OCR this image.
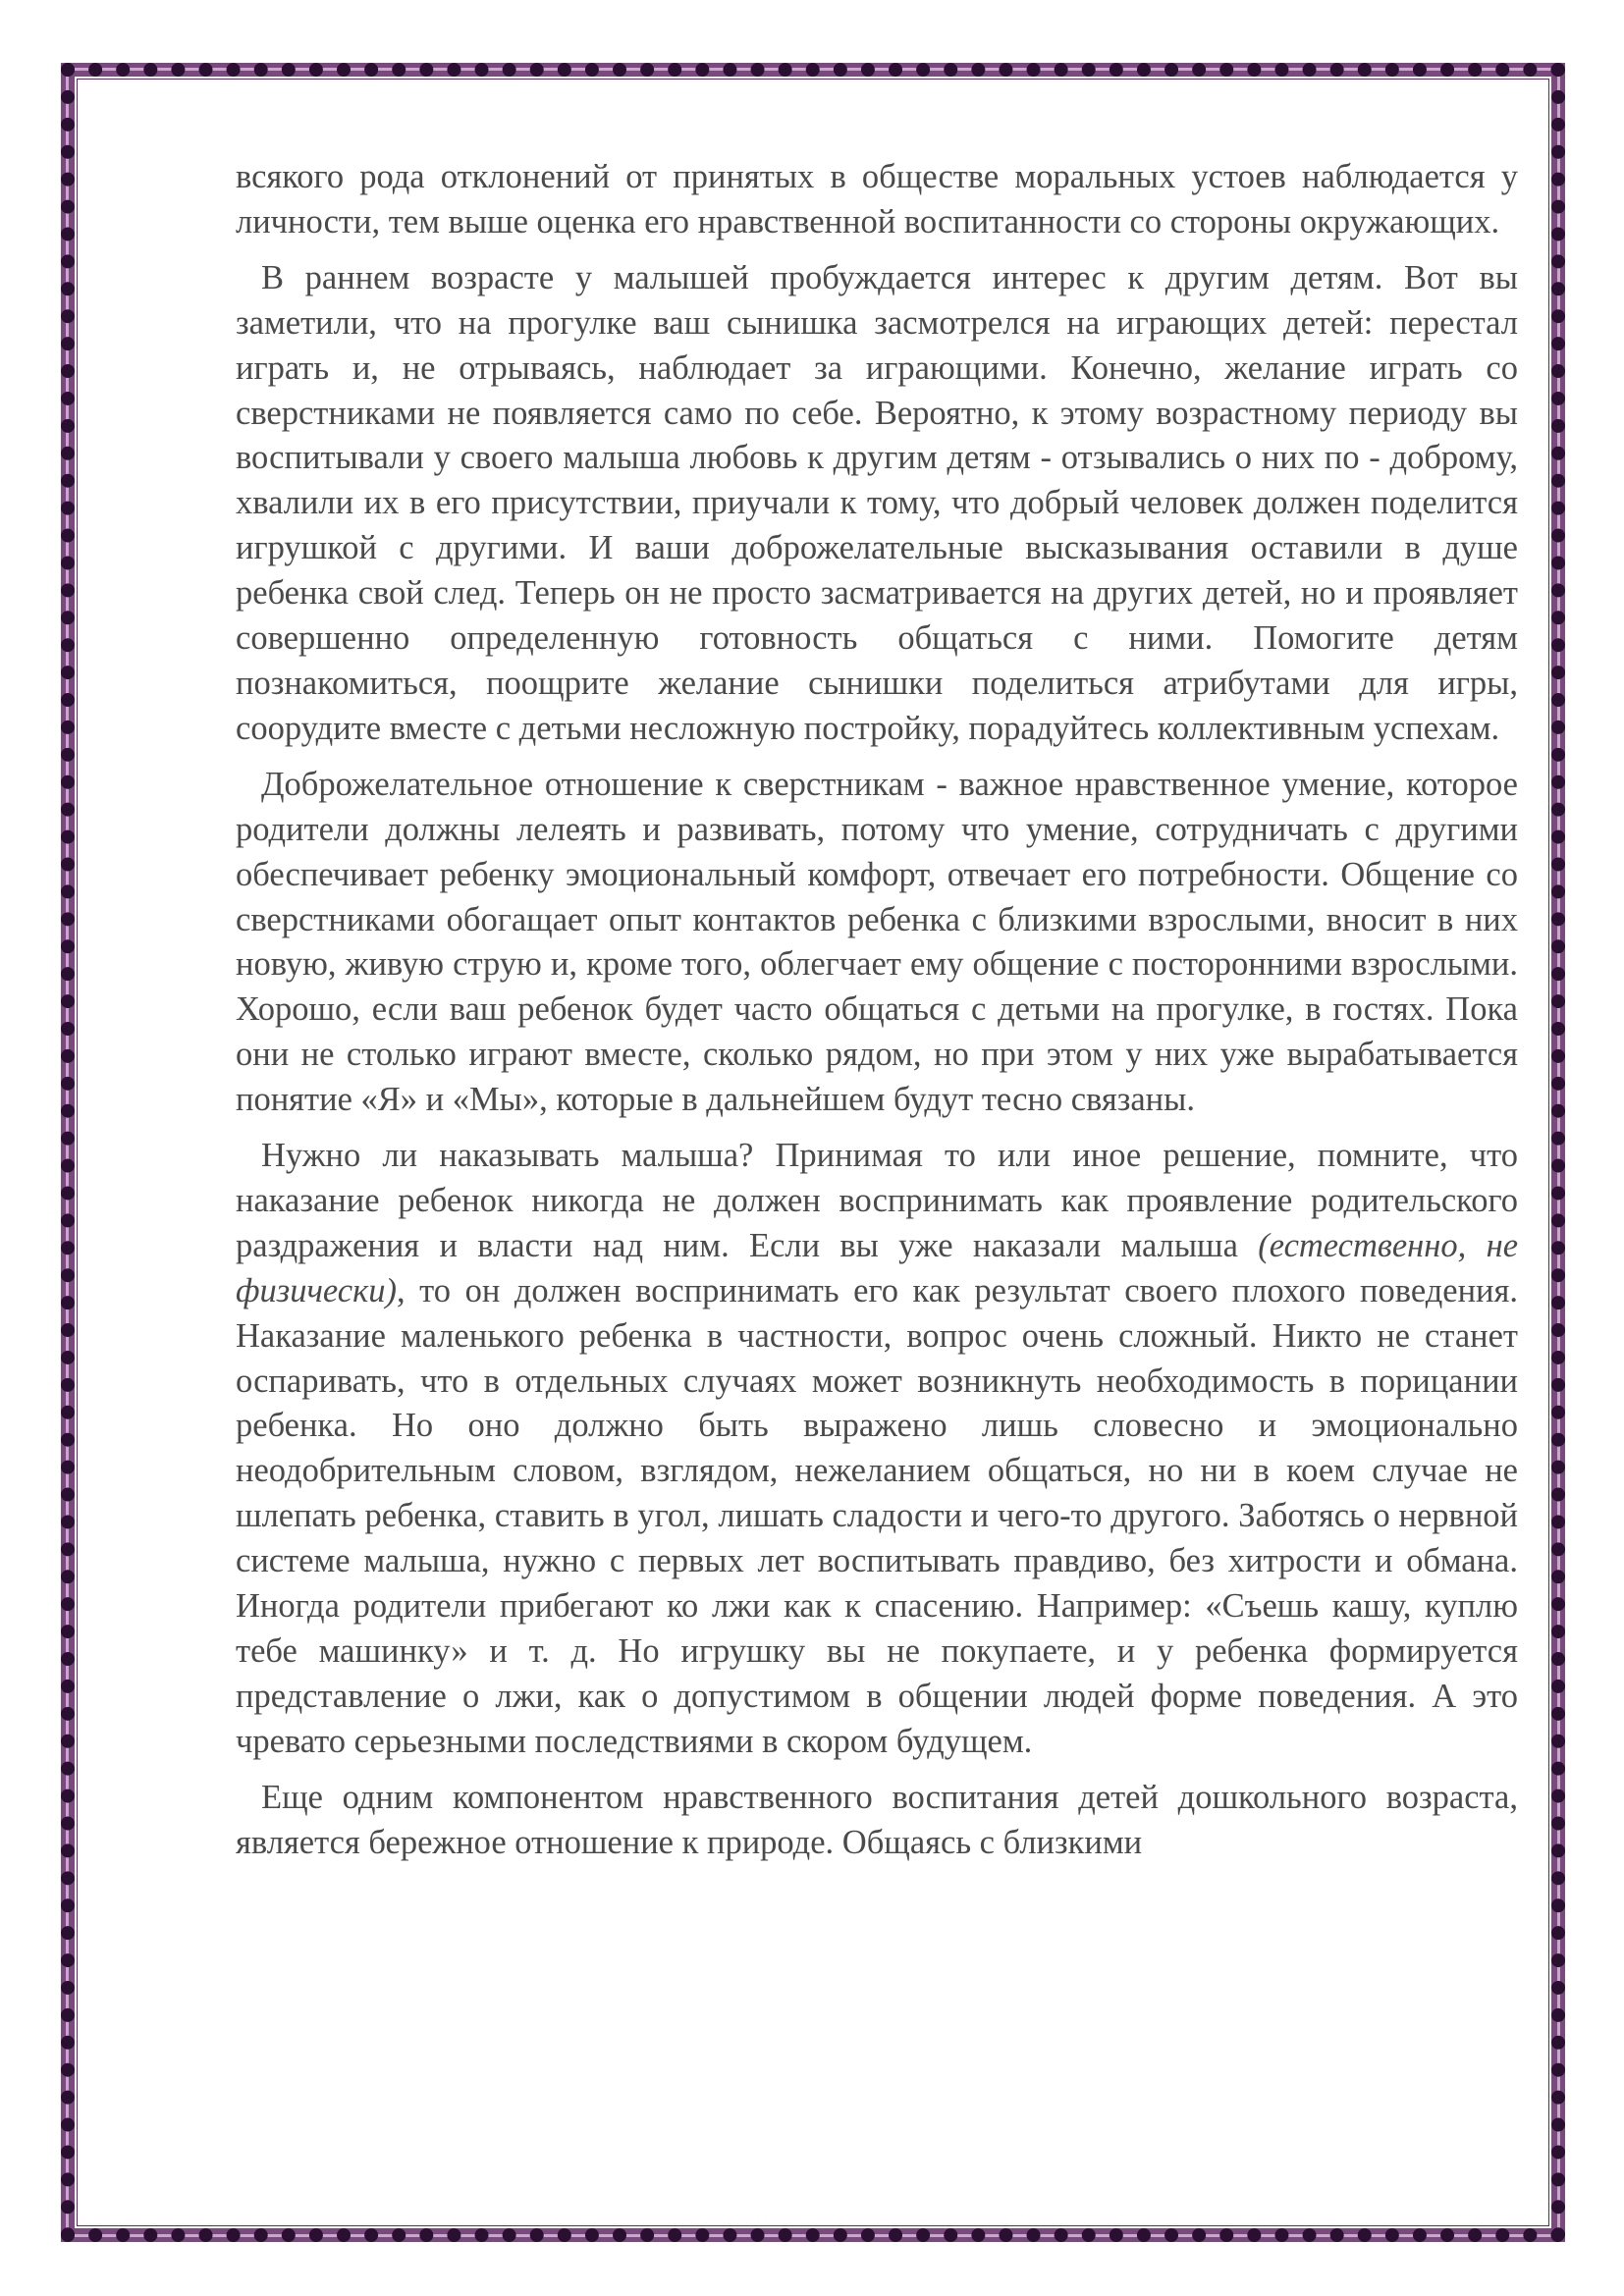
всякого рода отклонений от принятых в обществе моральных устоев наблюдается у личности, тем выше оценка его нравственной воспитанности со стороны окружающих.

В раннем возрасте у малышей пробуждается интерес к другим детям. Вот вы заметили, что на прогулке ваш сынишка засмотрелся на играющих детей: перестал играть и, не отрываясь, наблюдает за играющими. Конечно, желание играть со сверстниками не появляется само по себе. Вероятно, к этому возрастному периоду вы воспитывали у своего малыша любовь к другим детям - отзывались о них по - доброму, хвалили их в его присутствии, приучали к тому, что добрый человек должен поделится игрушкой с другими. И ваши доброжелательные высказывания оставили в душе ребенка свой след. Теперь он не просто засматривается на других детей, но и проявляет совершенно определенную готовность общаться с ними. Помогите детям познакомиться, поощрите желание сынишки поделиться атрибутами для игры, соорудите вместе с детьми несложную постройку, порадуйтесь коллективным успехам.

Доброжелательное отношение к сверстникам - важное нравственное умение, которое родители должны лелеять и развивать, потому что умение, сотрудничать с другими обеспечивает ребенку эмоциональный комфорт, отвечает его потребности. Общение со сверстниками обогащает опыт контактов ребенка с близкими взрослыми, вносит в них новую, живую струю и, кроме того, облегчает ему общение с посторонними взрослыми. Хорошо, если ваш ребенок будет часто общаться с детьми на прогулке, в гостях. Пока они не столько играют вместе, сколько рядом, но при этом у них уже вырабатывается понятие «Я» и «Мы», которые в дальнейшем будут тесно связаны.

Нужно ли наказывать малыша? Принимая то или иное решение, помните, что наказание ребенок никогда не должен воспринимать как проявление родительского раздражения и власти над ним. Если вы уже наказали малыша (естественно, не физически), то он должен воспринимать его как результат своего плохого поведения. Наказание маленького ребенка в частности, вопрос очень сложный. Никто не станет оспаривать, что в отдельных случаях может возникнуть необходимость в порицании ребенка. Но оно должно быть выражено лишь словесно и эмоционально неодобрительным словом, взглядом, нежеланием общаться, но ни в коем случае не шлепать ребенка, ставить в угол, лишать сладости и чего-то другого. Заботясь о нервной системе малыша, нужно с первых лет воспитывать правдиво, без хитрости и обмана. Иногда родители прибегают ко лжи как к спасению. Например: «Съешь кашу, куплю тебе машинку» и т. д. Но игрушку вы не покупаете, и у ребенка формируется представление о лжи, как о допустимом в общении людей форме поведения. А это чревато серьезными последствиями в скором будущем.

Еще одним компонентом нравственного воспитания детей дошкольного возраста, является бережное отношение к природе. Общаясь с близкими
